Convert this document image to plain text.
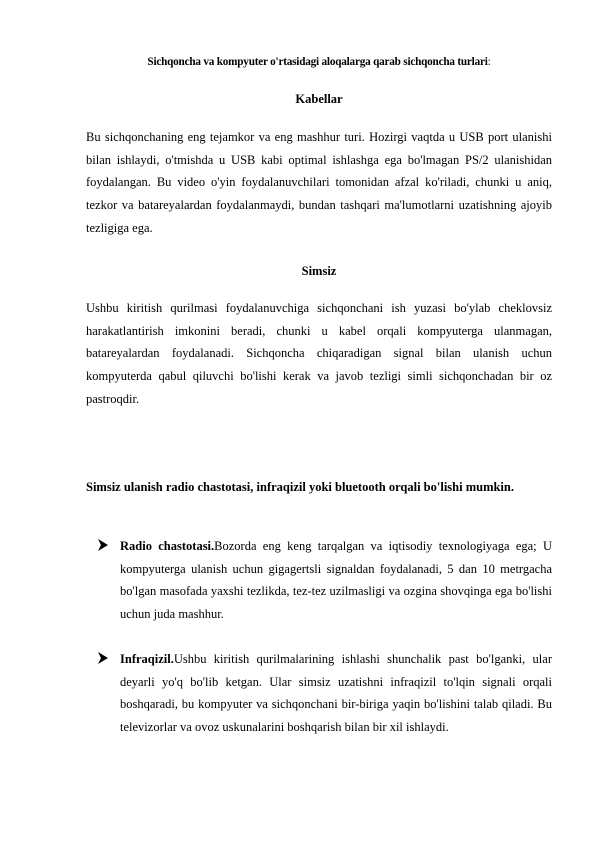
Sichqoncha va kompyuter o'rtasidagi aloqalarga qarab sichqoncha turlari:
Kabellar

Bu sichqonchaning eng tejamkor va eng mashhur turi. Hozirgi vaqtda u USB port ulanishi bilan ishlaydi, o'tmishda u USB kabi optimal ishlashga ega bo'lmagan PS/2 ulanishidan foydalangan. Bu video o'yin foydalanuvchilari tomonidan afzal ko'riladi, chunki u aniq, tezkor va batareyalardan foydalanmaydi, bundan tashqari ma'lumotlarni uzatishning ajoyib tezligiga ega.

Simsiz

Ushbu kiritish qurilmasi foydalanuvchiga sichqonchani ish yuzasi bo'ylab cheklovsiz harakatlantirish imkonini beradi, chunki u kabel orqali kompyuterga ulanmagan, batareyalardan foydalanadi. Sichqoncha chiqaradigan signal bilan ulanish uchun kompyuterda qabul qiluvchi bo'lishi kerak va javob tezligi simli sichqonchadan bir oz pastroqdir.

Simsiz ulanish radio chastotasi, infraqizil yoki bluetooth orqali bo'lishi mumkin.

Radio chastotasi.Bozorda eng keng tarqalgan va iqtisodiy texnologiyaga ega; U kompyuterga ulanish uchun gigagertsli signaldan foydalanadi, 5 dan 10 metrgacha bo'lgan masofada yaxshi tezlikda, tez-tez uzilmasligi va ozgina shovqinga ega bo'lishi uchun juda mashhur.

Infraqizil.Ushbu kiritish qurilmalarining ishlashi shunchalik past bo'lganki, ular deyarli yo'q bo'lib ketgan. Ular simsiz uzatishni infraqizil to'lqin signali orqali boshqaradi, bu kompyuter va sichqonchani bir-biriga yaqin bo'lishini talab qiladi. Bu televizorlar va ovoz uskunalarini boshqarish bilan bir xil ishlaydi.
